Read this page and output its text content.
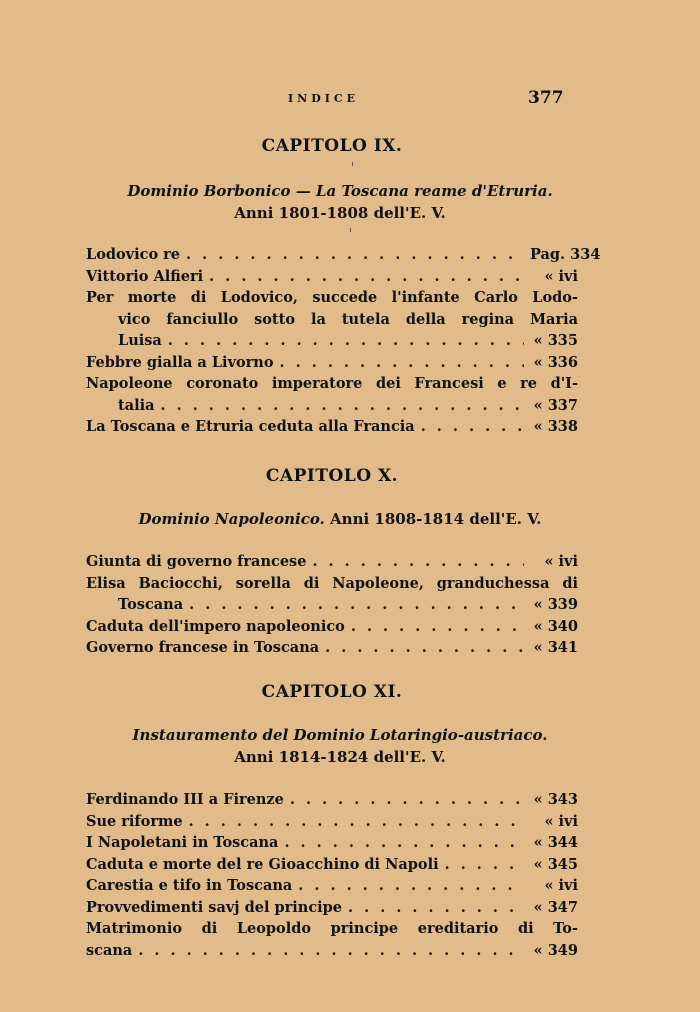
INDICE	377
CAPITOLO IX.
Dominio Borbonico — La Toscana reame d'Etruria.
Anni 1801-1808 dell'E. V.
Lodovico re . . .	Pag. 334
Vittorio Alfieri . . .	« ivi
Per morte di Lodovico, succede l'infante Carlo Lodo-
vico fanciullo sotto la tutela della regina Maria
Luisa . . .	« 335
Febbre gialla a Livorno . . .	« 336
Napoleone coronato imperatore dei Francesi e re d'I-
talia . . .	« 337
La Toscana e Etruria ceduta alla Francia . . .	« 338
CAPITOLO X.
Dominio Napoleonico. Anni 1808-1814 dell'E. V.
Giunta di governo francese . . .	« ivi
Elisa Baciocchi, sorella di Napoleone, granduchessa di
Toscana . . .	« 339
Caduta dell'impero napoleonico . . .	« 340
Governo francese in Toscana . . .	« 341
CAPITOLO XI.
Instauramento del Dominio Lotaringio-austriaco.
Anni 1814-1824 dell'E. V.
Ferdinando III a Firenze . . .	« 343
Sue riforme . . .	« ivi
I Napoletani in Toscana . . .	« 344
Caduta e morte del re Gioacchino di Napoli . . .	« 345
Carestia e tifo in Toscana . . .	« ivi
Provvedimenti savj del principe . . .	« 347
Matrimonio di Leopoldo principe ereditario di To-
scana . . .	« 349
